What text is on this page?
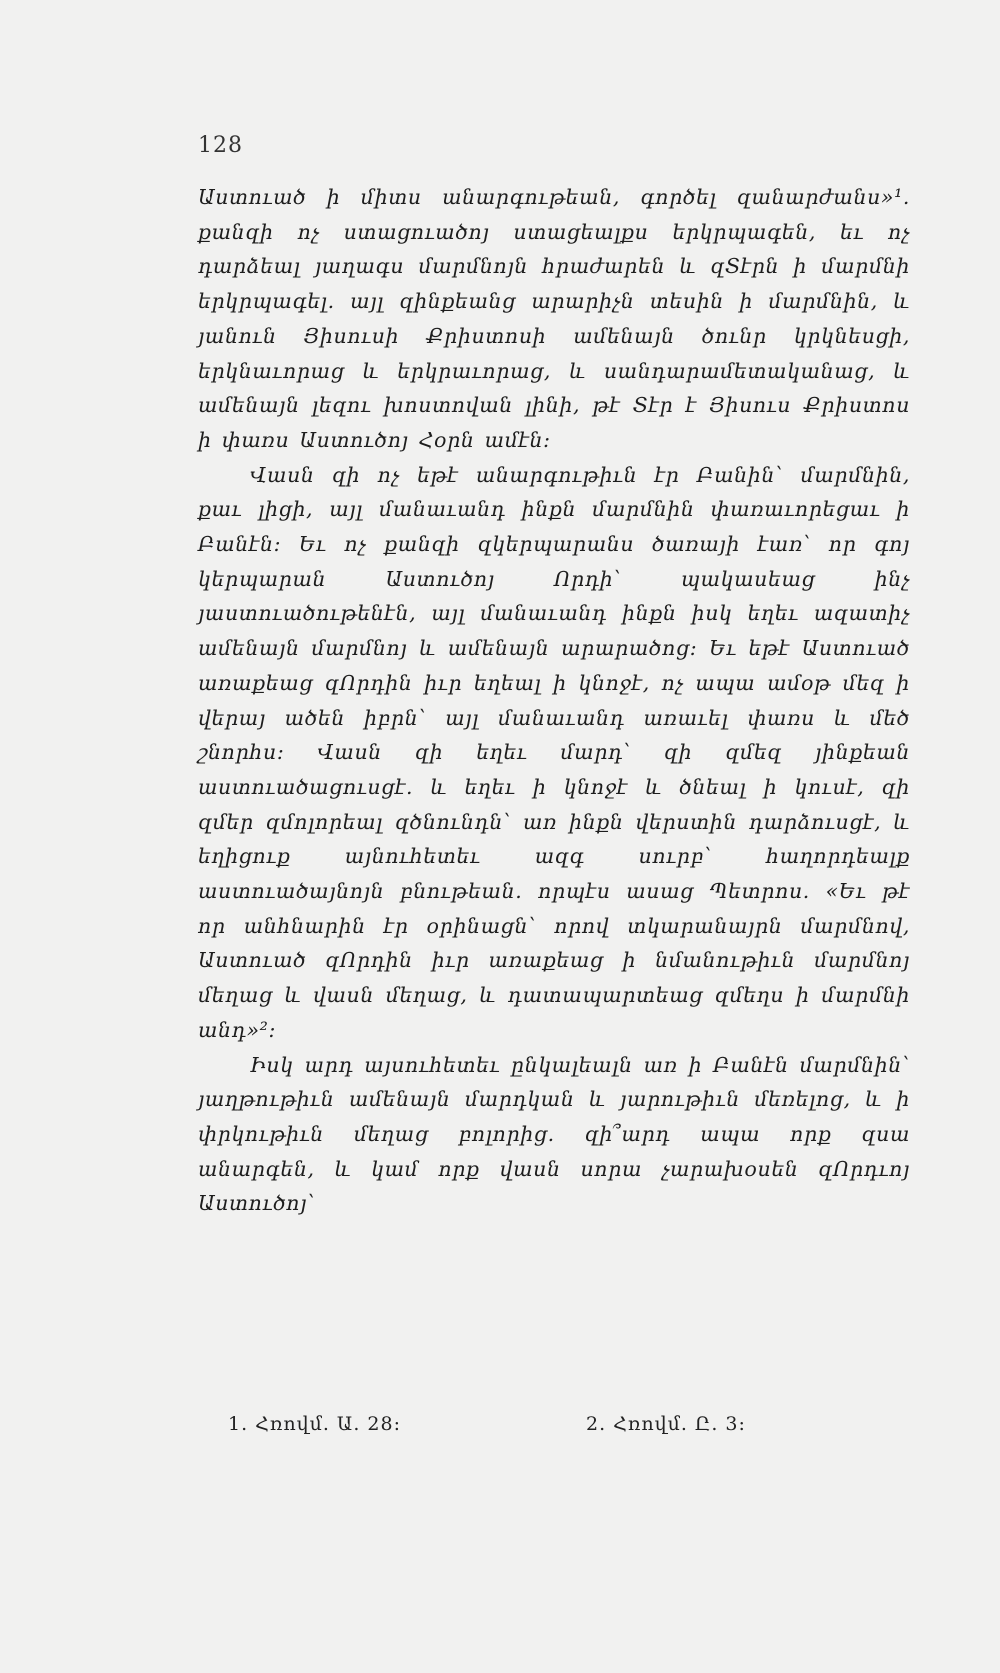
128

Աստուած ի միտս անարգութեան, գործել զանարժանս»¹. քանզի ոչ ստացուածոյ ստացեալքս երկրպագեն, եւ ոչ դարձեալ յաղագս մարմնոյն հրաժարեն և զՏէրն ի մարմնի երկրպագել. այլ զինքեանց արարիչն տեսին ի մարմնին, և յանուն Յիսուսի Քրիստոսի ամենայն ծունր կրկնեսցի, երկնաւորաց և երկրաւորաց, և սանդարամետականաց, և ամենայն լեզու խոստովան լինի, թէ Տէր է Յիսուս Քրիստոս ի փառս Աստուծոյ Հօրն ամէն:

Վասն զի ոչ եթէ անարգութիւն էր Բանին՝ մարմնին, քաւ լիցի, այլ մանաւանդ ինքն մարմնին փառաւորեցաւ ի Բանէն: Եւ ոչ քանզի զկերպարանս ծառայի էառ՝ որ գոյ կերպարան Աստուծոյ Որդի՝ պակասեաց ինչ յաստուածութենէն, այլ մանաւանդ ինքն իսկ եղեւ ազատիչ ամենայն մարմնոյ և ամենայն արարածոց: Եւ եթէ Աստուած առաքեաց զՈրդին իւր եղեալ ի կնոջէ, ոչ ապա ամօթ մեզ ի վերայ ածեն իբրն՝ այլ մանաւանդ առաւել փառս և մեծ շնորհս: Վասն զի եղեւ մարդ՝ զի զմեզ յինքեան աստուածացուսցէ. և եղեւ ի կնոջէ և ծնեալ ի կուսէ, զի զմեր զմոլորեալ զծնունդն՝ առ ինքն վերստին դարձուսցէ, և եղիցուք այնուհետեւ ազգ սուրբ՝ հաղորդեալք աստուածայնոյն բնութեան. որպէս ասաց Պետրոս. «Եւ թէ որ անհնարին էր օրինացն՝ որով տկարանայրն մարմնով, Աստուած զՈրդին իւր առաքեաց ի նմանութիւն մարմնոյ մեղաց և վասն մեղաց, և դատապարտեաց զմեղս ի մարմնի անդ»²:

Իսկ արդ այսուհետեւ ընկալեալն առ ի Բանէն մարմնին՝ յաղթութիւն ամենայն մարդկան և յարութիւն մեռելոց, և ի փրկութիւն մեղաց բոլորից. զի՞արդ ապա որք զսա անարգեն, և կամ որք վասն սորա չարախօսեն զՈրդւոյ Աստուծոյ՝

1. Հռովմ. Ա. 28:	2. Հռովմ. Ը. 3:
